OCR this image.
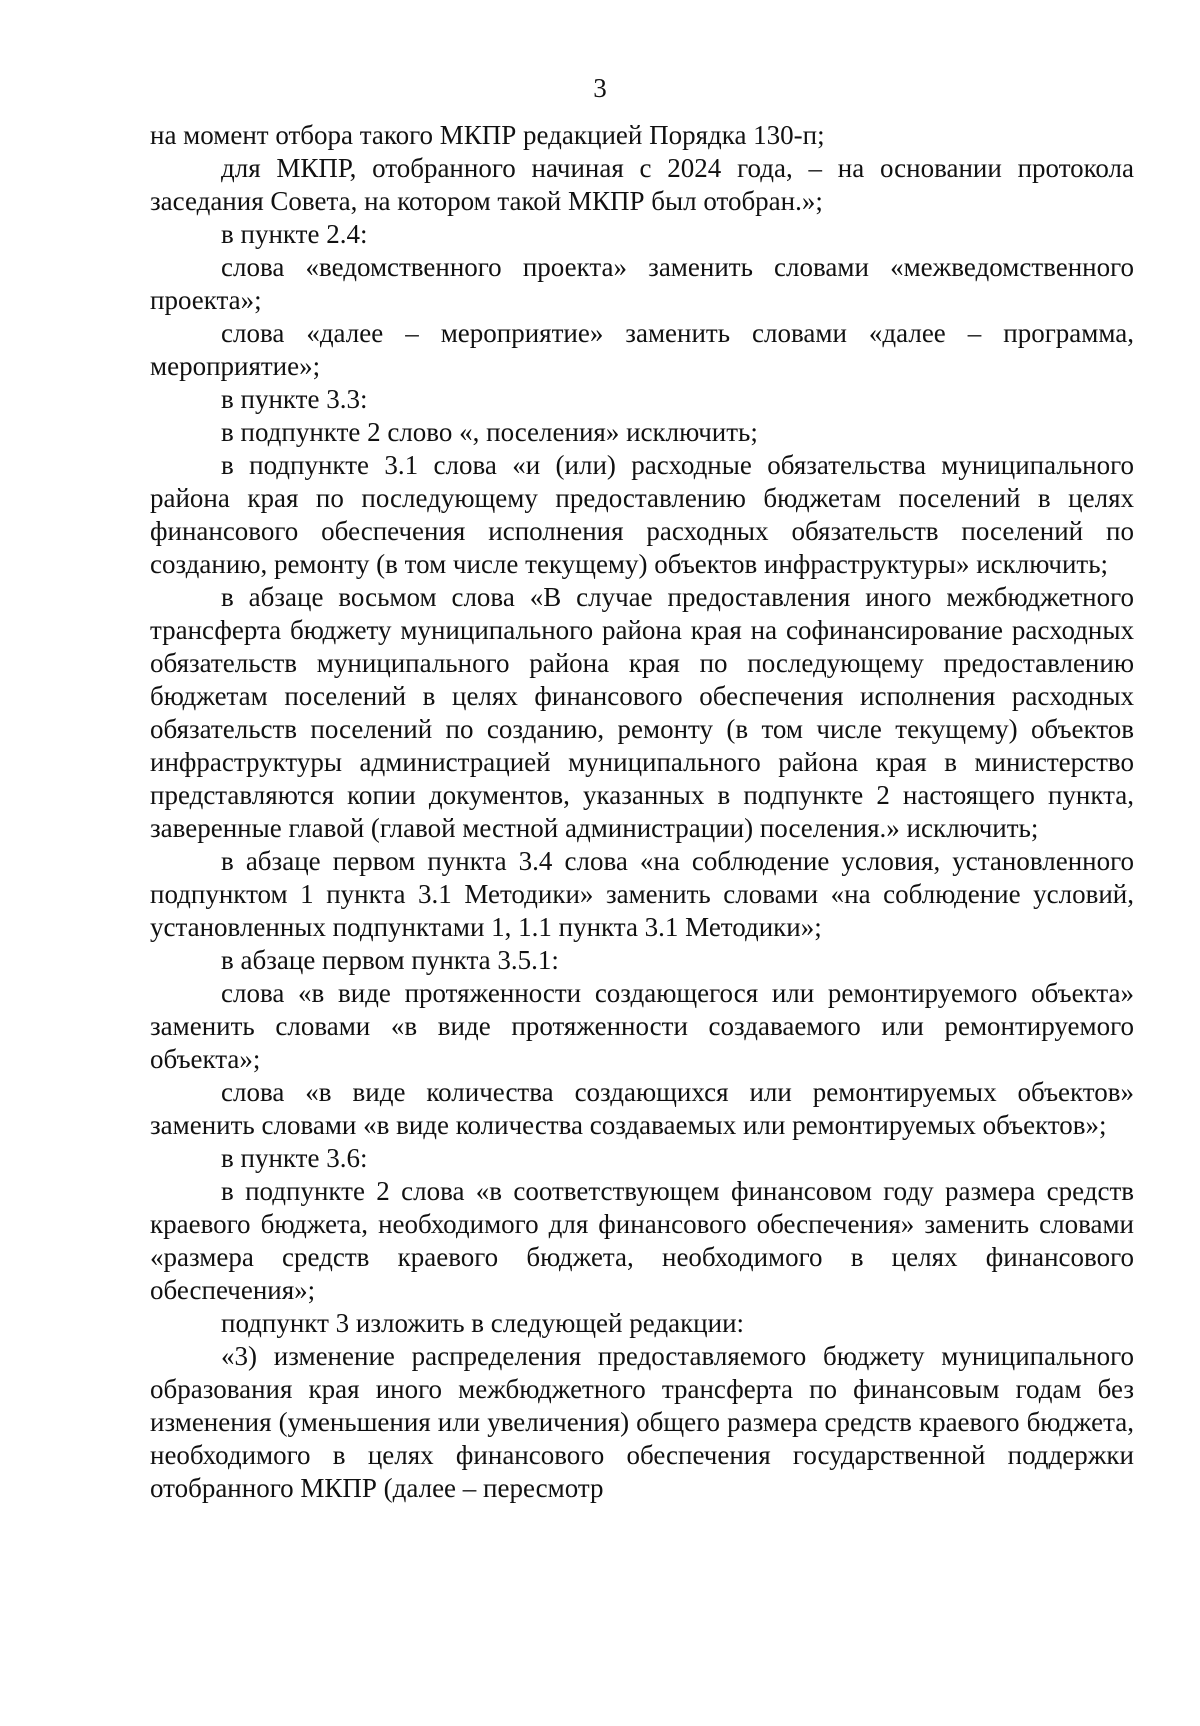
3

на момент отбора такого МКПР редакцией Порядка 130-п;

для МКПР, отобранного начиная с 2024 года, – на основании протокола заседания Совета, на котором такой МКПР был отобран.»;

в пункте 2.4:

слова «ведомственного проекта» заменить словами «межведомственного проекта»;

слова «далее – мероприятие» заменить словами «далее – программа, мероприятие»;

в пункте 3.3:

в подпункте 2 слово «, поселения» исключить;

в подпункте 3.1 слова «и (или) расходные обязательства муниципального района края по последующему предоставлению бюджетам поселений в целях финансового обеспечения исполнения расходных обязательств поселений по созданию, ремонту (в том числе текущему) объектов инфраструктуры» исключить;

в абзаце восьмом слова «В случае предоставления иного межбюджетного трансферта бюджету муниципального района края на софинансирование расходных обязательств муниципального района края по последующему предоставлению бюджетам поселений в целях финансового обеспечения исполнения расходных обязательств поселений по созданию, ремонту (в том числе текущему) объектов инфраструктуры администрацией муниципального района края в министерство представляются копии документов, указанных в подпункте 2 настоящего пункта, заверенные главой (главой местной администрации) поселения.» исключить;

в абзаце первом пункта 3.4 слова «на соблюдение условия, установленного подпунктом 1 пункта 3.1 Методики» заменить словами «на соблюдение условий, установленных подпунктами 1, 1.1 пункта 3.1 Методики»;

в абзаце первом пункта 3.5.1:

слова «в виде протяженности создающегося или ремонтируемого объекта» заменить словами «в виде протяженности создаваемого или ремонтируемого объекта»;

слова «в виде количества создающихся или ремонтируемых объектов» заменить словами «в виде количества создаваемых или ремонтируемых объектов»;

в пункте 3.6:

в подпункте 2 слова «в соответствующем финансовом году размера средств краевого бюджета, необходимого для финансового обеспечения» заменить словами «размера средств краевого бюджета, необходимого в целях финансового обеспечения»;

подпункт 3 изложить в следующей редакции:

«3) изменение распределения предоставляемого бюджету муниципального образования края иного межбюджетного трансферта по финансовым годам без изменения (уменьшения или увеличения) общего размера средств краевого бюджета, необходимого в целях финансового обеспечения государственной поддержки отобранного МКПР (далее – пересмотр
